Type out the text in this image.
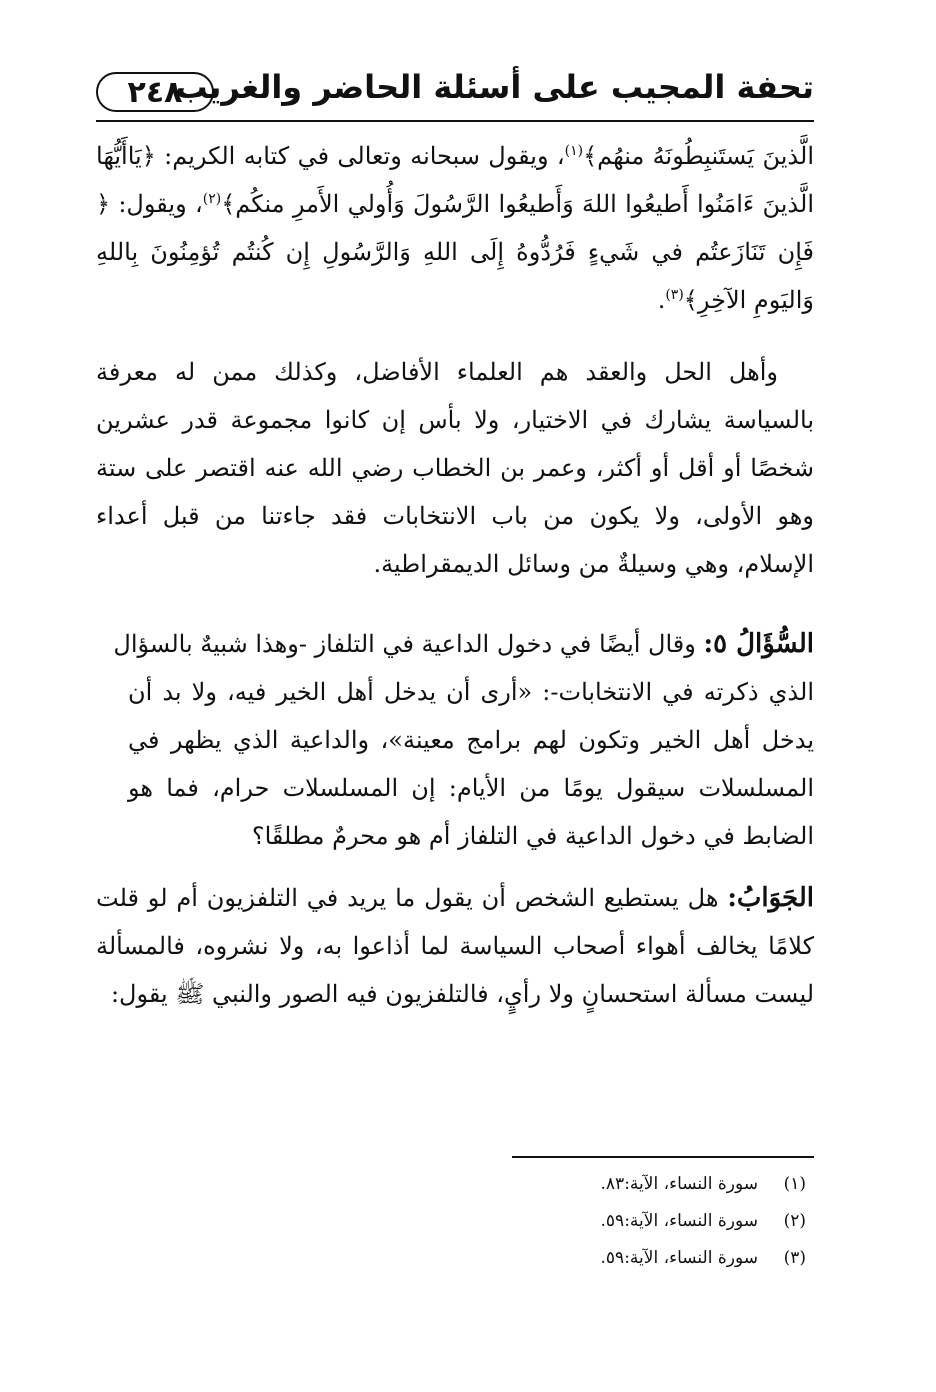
تحفة المجيب على أسئلة الحاضر والغريب
٢٤٨

الَّذينَ يَستَنبِطُونَهُ منهُم﴾$^{(١)}$، ويقول سبحانه وتعالى في كتابه الكريم: ﴿يَاأَيُّهَا الَّذينَ ءَامَنُوا أَطيعُوا اللهَ وَأَطيعُوا الرَّسُولَ وَأُولي الأَمرِ منكُم﴾$^{(٢)}$، ويقول: ﴿ فَإِن تَنَازَعتُم في شَيءٍ فَرُدُّوهُ إِلَى اللهِ وَالرَّسُولِ إِن كُنتُم تُؤمِنُونَ بِاللهِ وَاليَومِ الآخِرِ﴾$^{(٣)}$.

وأهل الحل والعقد هم العلماء الأفاضل، وكذلك ممن له معرفة بالسياسة يشارك في الاختيار، ولا بأس إن كانوا مجموعة قدر عشرين شخصًا أو أقل أو أكثر، وعمر بن الخطاب رضي الله عنه اقتصر على ستة وهو الأولى، ولا يكون من باب الانتخابات فقد جاءتنا من قبل أعداء الإسلام، وهي وسيلةٌ من وسائل الديمقراطية.

السُّؤَالُ ٥: وقال أيضًا في دخول الداعية في التلفاز -وهذا شبيهٌ بالسؤال
الذي ذكرته في الانتخابات-: «أرى أن يدخل أهل الخير فيه، ولا بد أن يدخل أهل الخير وتكون لهم برامج معينة»، والداعية الذي يظهر في المسلسلات سيقول يومًا من الأيام: إن المسلسلات حرام، فما هو الضابط في دخول الداعية في التلفاز أم هو محرمٌ مطلقًا؟

الجَوَابُ: هل يستطيع الشخص أن يقول ما يريد في التلفزيون أم لو قلت كلامًا يخالف أهواء أصحاب السياسة لما أذاعوا به، ولا نشروه، فالمسألة ليست مسألة استحسانٍ ولا رأيٍ، فالتلفزيون فيه الصور والنبي ﷺ يقول:

(١)سورة النساء، الآية:٨٣.

(٢)سورة النساء، الآية:٥٩.

(٣)سورة النساء، الآية:٥٩.
